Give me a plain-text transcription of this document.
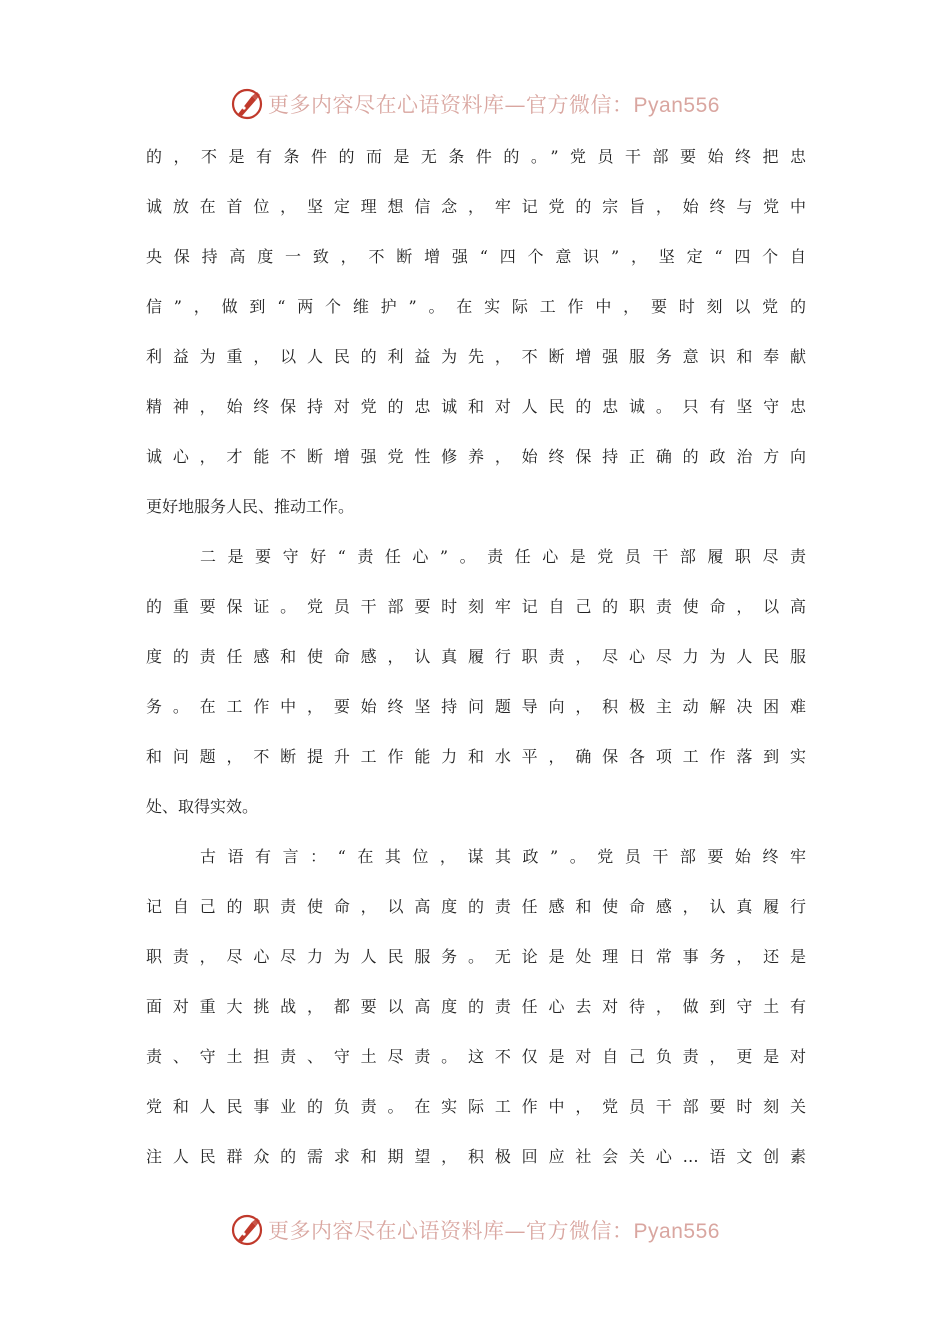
更多内容尽在心语资料库—官方微信：Pyan556
的，不是有条件的而是无条件的。”党员干部要始终把忠
诚放在首位，坚定理想信念，牢记党的宗旨，始终与党中
央保持高度一致，不断增强“四个意识”，坚定“四个自
信”，做到“两个维护”。在实际工作中，要时刻以党的
利益为重，以人民的利益为先，不断增强服务意识和奉献
精神，始终保持对党的忠诚和对人民的忠诚。只有坚守忠
诚心，才能不断增强党性修养，始终保持正确的政治方向
更好地服务人民、推动工作。
二是要守好“责任心”。责任心是党员干部履职尽责
的重要保证。党员干部要时刻牢记自己的职责使命，以高
度的责任感和使命感，认真履行职责，尽心尽力为人民服
务。在工作中，要始终坚持问题导向，积极主动解决困难
和问题，不断提升工作能力和水平，确保各项工作落到实
处、取得实效。
古语有言：“在其位，谋其政”。党员干部要始终牢
记自己的职责使命，以高度的责任感和使命感，认真履行
职责，尽心尽力为人民服务。无论是处理日常事务，还是
面对重大挑战，都要以高度的责任心去对待，做到守土有
责、守土担责、守土尽责。这不仅是对自己负责，更是对
党和人民事业的负责。在实际工作中，党员干部要时刻关
注人民群众的需求和期望，积极回应社会关心…语文创素
更多内容尽在心语资料库—官方微信：Pyan556
